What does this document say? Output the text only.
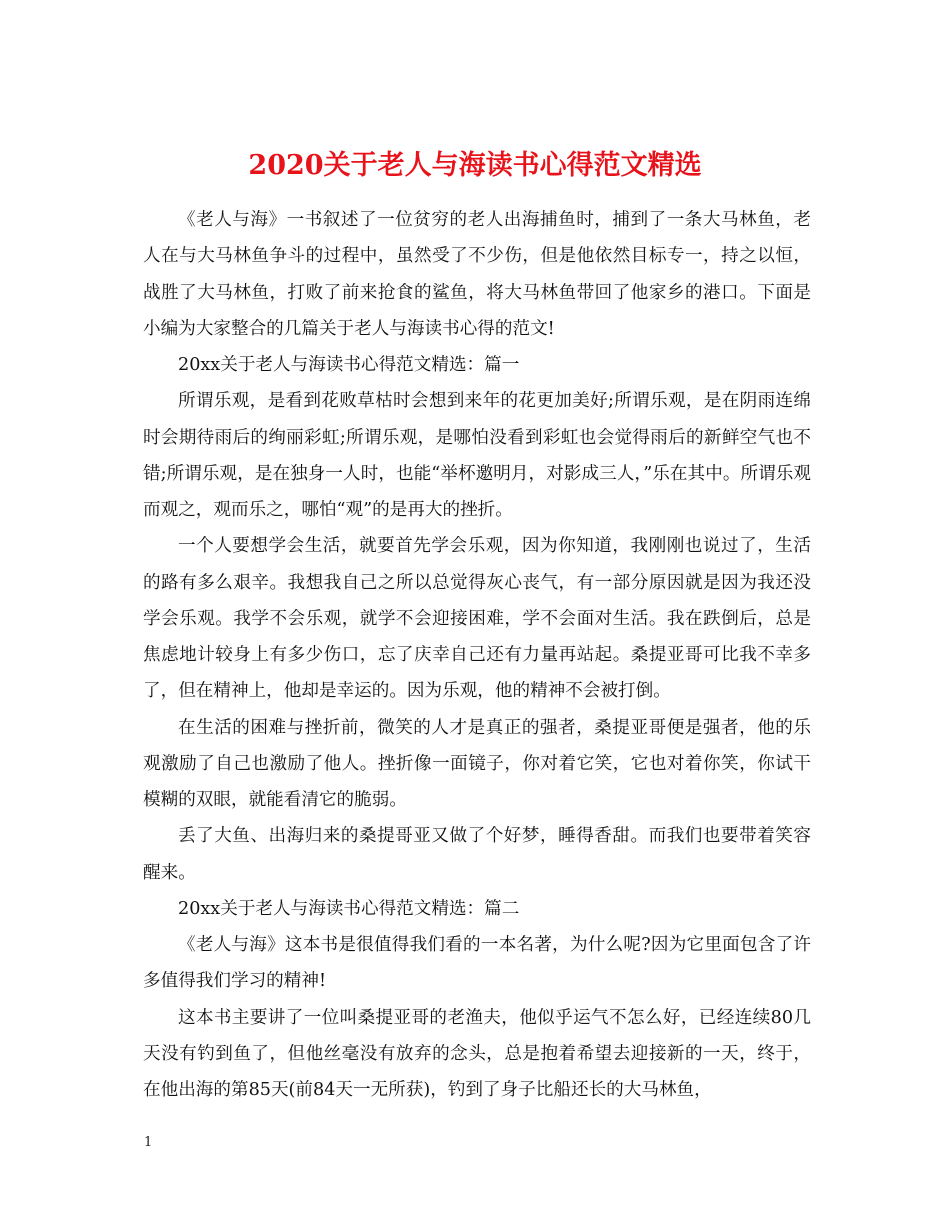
2020关于老人与海读书心得范文精选

《老人与海》一书叙述了一位贫穷的老人出海捕鱼时，捕到了一条大马林鱼，老人在与大马林鱼争斗的过程中，虽然受了不少伤，但是他依然目标专一，持之以恒，战胜了大马林鱼，打败了前来抢食的鲨鱼，将大马林鱼带回了他家乡的港口。下面是小编为大家整合的几篇关于老人与海读书心得的范文!

20xx关于老人与海读书心得范文精选：篇一

所谓乐观，是看到花败草枯时会想到来年的花更加美好;所谓乐观，是在阴雨连绵时会期待雨后的绚丽彩虹;所谓乐观，是哪怕没看到彩虹也会觉得雨后的新鲜空气也不错;所谓乐观，是在独身一人时，也能“举杯邀明月，对影成三人，”乐在其中。所谓乐观而观之，观而乐之，哪怕“观”的是再大的挫折。

一个人要想学会生活，就要首先学会乐观，因为你知道，我刚刚也说过了，生活的路有多么艰辛。我想我自己之所以总觉得灰心丧气，有一部分原因就是因为我还没学会乐观。我学不会乐观，就学不会迎接困难，学不会面对生活。我在跌倒后，总是焦虑地计较身上有多少伤口，忘了庆幸自己还有力量再站起。桑提亚哥可比我不幸多了，但在精神上，他却是幸运的。因为乐观，他的精神不会被打倒。

在生活的困难与挫折前，微笑的人才是真正的强者，桑提亚哥便是强者，他的乐观激励了自己也激励了他人。挫折像一面镜子，你对着它笑，它也对着你笑，你试干模糊的双眼，就能看清它的脆弱。

丢了大鱼、出海归来的桑提哥亚又做了个好梦，睡得香甜。而我们也要带着笑容醒来。

20xx关于老人与海读书心得范文精选：篇二

《老人与海》这本书是很值得我们看的一本名著，为什么呢?因为它里面包含了许多值得我们学习的精神!

这本书主要讲了一位叫桑提亚哥的老渔夫，他似乎运气不怎么好，已经连续80几天没有钓到鱼了，但他丝毫没有放弃的念头，总是抱着希望去迎接新的一天，终于，在他出海的第85天(前84天一无所获)，钓到了身子比船还长的大马林鱼，

1
